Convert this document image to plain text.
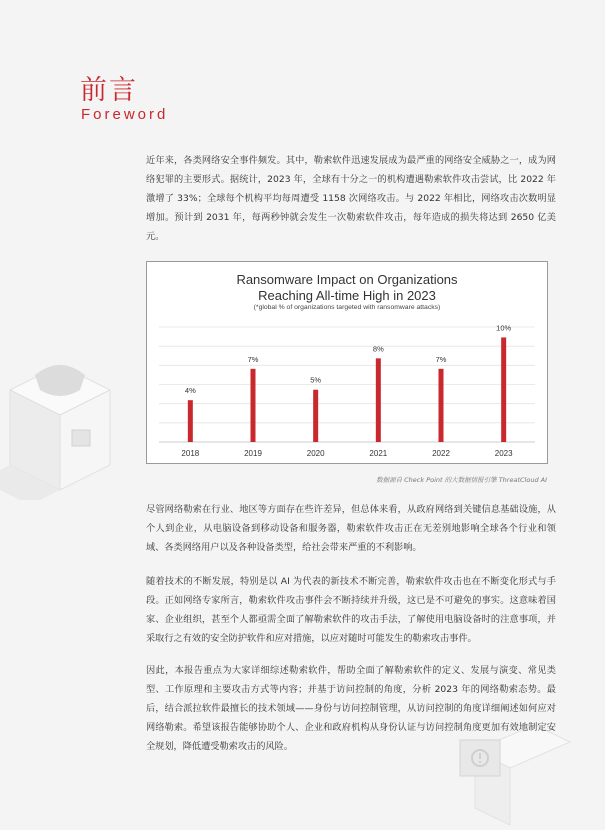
前言
Foreword

近年来，各类网络安全事件频发。其中，勒索软件迅速发展成为最严重的网络安全威胁之一，成为网络犯罪的主要形式。据统计，2023 年，全球有十分之一的机构遭遇勒索软件攻击尝试，比 2022 年激增了 33%；全球每个机构平均每周遭受 1158 次网络攻击。与 2022 年相比，网络攻击次数明显增加。预计到 2031 年，每两秒钟就会发生一次勒索软件攻击，每年造成的损失将达到 2650 亿美元。

Ransomware Impact on Organizations
Reaching All-time High in 2023
(*global % of organizations targeted with ransomware attacks)
4%
2018
7%
2019
5%
2020
8%
2021
7%
2022
10%
2023
数据源自 Check Point 的大数据情报引擎 ThreatCloud AI

尽管网络勒索在行业、地区等方面存在些许差异，但总体来看，从政府网络到关键信息基础设施，从个人到企业，从电脑设备到移动设备和服务器，勒索软件攻击正在无差别地影响全球各个行业和领域、各类网络用户以及各种设备类型，给社会带来严重的不利影响。

随着技术的不断发展，特别是以 AI 为代表的新技术不断完善，勒索软件攻击也在不断变化形式与手段。正如网络专家所言，勒索软件攻击事件会不断持续并升级，这已是不可避免的事实。这意味着国家、企业组织，甚至个人都亟需全面了解勒索软件的攻击手法，了解使用电脑设备时的注意事项，并采取行之有效的安全防护软件和应对措施，以应对随时可能发生的勒索攻击事件。

因此，本报告重点为大家详细综述勒索软件，帮助全面了解勒索软件的定义、发展与演变、常见类型、工作原理和主要攻击方式等内容；并基于访问控制的角度，分析 2023 年的网络勒索态势。最后，结合派拉软件最擅长的技术领域——身份与访问控制管理，从访问控制的角度详细阐述如何应对网络勒索。希望该报告能够协助个人、企业和政府机构从身份认证与访问控制角度更加有效地制定安全规划，降低遭受勒索攻击的风险。
